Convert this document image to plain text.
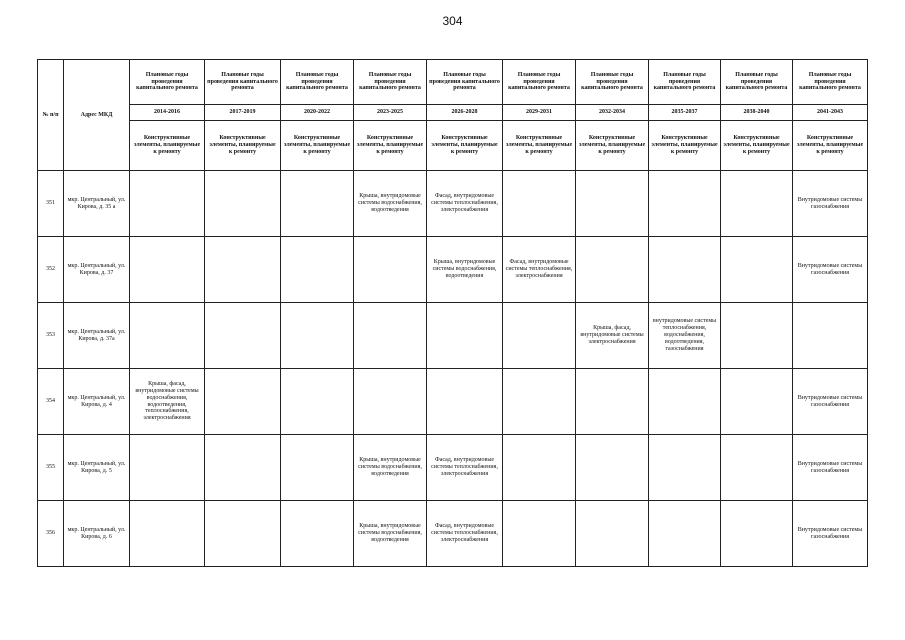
304
№ п/п	Адрес МКД	Плановые годы проведения капитального ремонта	Плановые годы проведения капитального ремонта	Плановые годы проведения капитального ремонта	Плановые годы проведения капитального ремонта	Плановые годы проведения капитального ремонта	Плановые годы проведения капитального ремонта	Плановые годы проведения капитального ремонта	Плановые годы проведения капитального ремонта	Плановые годы проведения капитального ремонта	Плановые годы проведения капитального ремонта
		2014-2016	2017-2019	2020-2022	2023-2025	2026-2028	2029-2031	2032-2034	2035-2037	2038-2040	2041-2043
		Конструктивные элементы, планируемые к ремонту	Конструктивные элементы, планируемые к ремонту	Конструктивные элементы, планируемые к ремонту	Конструктивные элементы, планируемые к ремонту	Конструктивные элементы, планируемые к ремонту	Конструктивные элементы, планируемые к ремонту	Конструктивные элементы, планируемые к ремонту	Конструктивные элементы, планируемые к ремонту	Конструктивные элементы, планируемые к ремонту	Конструктивные элементы, планируемые к ремонту
351	мкр. Центральный, ул. Кирова, д. 35 а				Крыша, внутридомовые системы водоснабжения, водоотведения	Фасад, внутридомовые системы теплоснабжения, электроснабжения					Внутридомовые системы газоснабжения
352	мкр. Центральный, ул. Кирова, д. 37					Крыша, внутридомовые системы водоснабжения, водоотведения	Фасад, внутридомовые системы теплоснабжения, электроснабжения				Внутридомовые системы газоснабжения
353	мкр. Центральный, ул. Кирова, д. 37а							Крыша, фасад, внутридомовые системы электроснабжения	внутридомовые системы теплоснабжения, водоснабжения, водоотведения, газоснабжения		
354	мкр. Центральный, ул. Кирова, д. 4	Крыша, фасад, внутридомовые системы водоснабжения, водоотведения, теплоснабжения, электроснабжения									Внутридомовые системы газоснабжения
355	мкр. Центральный, ул. Кирова, д. 5				Крыша, внутридомовые системы водоснабжения, водоотведения	Фасад, внутридомовые системы теплоснабжения, электроснабжения					Внутридомовые системы газоснабжения
356	мкр. Центральный, ул. Кирова, д. 6				Крыша, внутридомовые системы водоснабжения, водоотведения	Фасад, внутридомовые системы теплоснабжения, электроснабжения					Внутридомовые системы газоснабжения
